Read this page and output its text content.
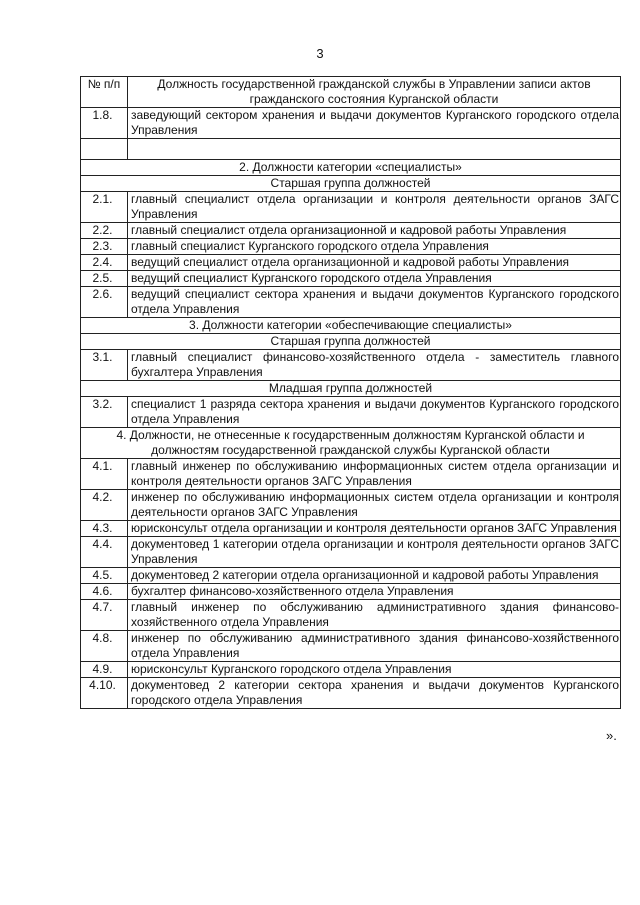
3
№ п/п	Должность государственной гражданской службы в Управлении записи актов гражданского состояния Курганской области
1.8.	заведующий сектором хранения и выдачи документов Курганского городского отдела Управления

2. Должности категории «специалисты»	
Старшая группа должностей	
2.1.	главный специалист отдела организации и контроля деятельности органов ЗАГС Управления
2.2.	главный специалист отдела организационной и кадровой работы Управления
2.3.	главный специалист Курганского городского отдела Управления
2.4.	ведущий специалист отдела организационной и кадровой работы Управления
2.5.	ведущий специалист Курганского городского отдела Управления
2.6.	ведущий специалист сектора хранения и выдачи документов Курганского городского отдела Управления
3. Должности категории «обеспечивающие специалисты»	
Старшая группа должностей	
3.1.	главный специалист финансово-хозяйственного отдела - заместитель главного бухгалтера Управления
Младшая группа должностей	
3.2.	специалист 1 разряда сектора хранения и выдачи документов Курганского городского отдела Управления
4. Должности, не отнесенные к государственным должностям Курганской области и должностям государственной гражданской службы Курганской области	
4.1.	главный инженер по обслуживанию информационных систем отдела организации и контроля деятельности органов ЗАГС Управления
4.2.	инженер по обслуживанию информационных систем отдела организации и контроля деятельности органов ЗАГС Управления
4.3.	юрисконсульт отдела организации и контроля деятельности органов ЗАГС Управления
4.4.	документовед 1 категории отдела организации и контроля деятельности органов ЗАГС Управления
4.5.	документовед 2 категории отдела организационной и кадровой работы Управления
4.6.	бухгалтер финансово-хозяйственного отдела Управления
4.7.	главный инженер по обслуживанию административного здания финансово-хозяйственного отдела Управления
4.8.	инженер по обслуживанию административного здания финансово-хозяйственного отдела Управления
4.9.	юрисконсульт Курганского городского отдела Управления
4.10.	документовед 2 категории сектора хранения и выдачи документов Курганского городского отдела Управления
».
